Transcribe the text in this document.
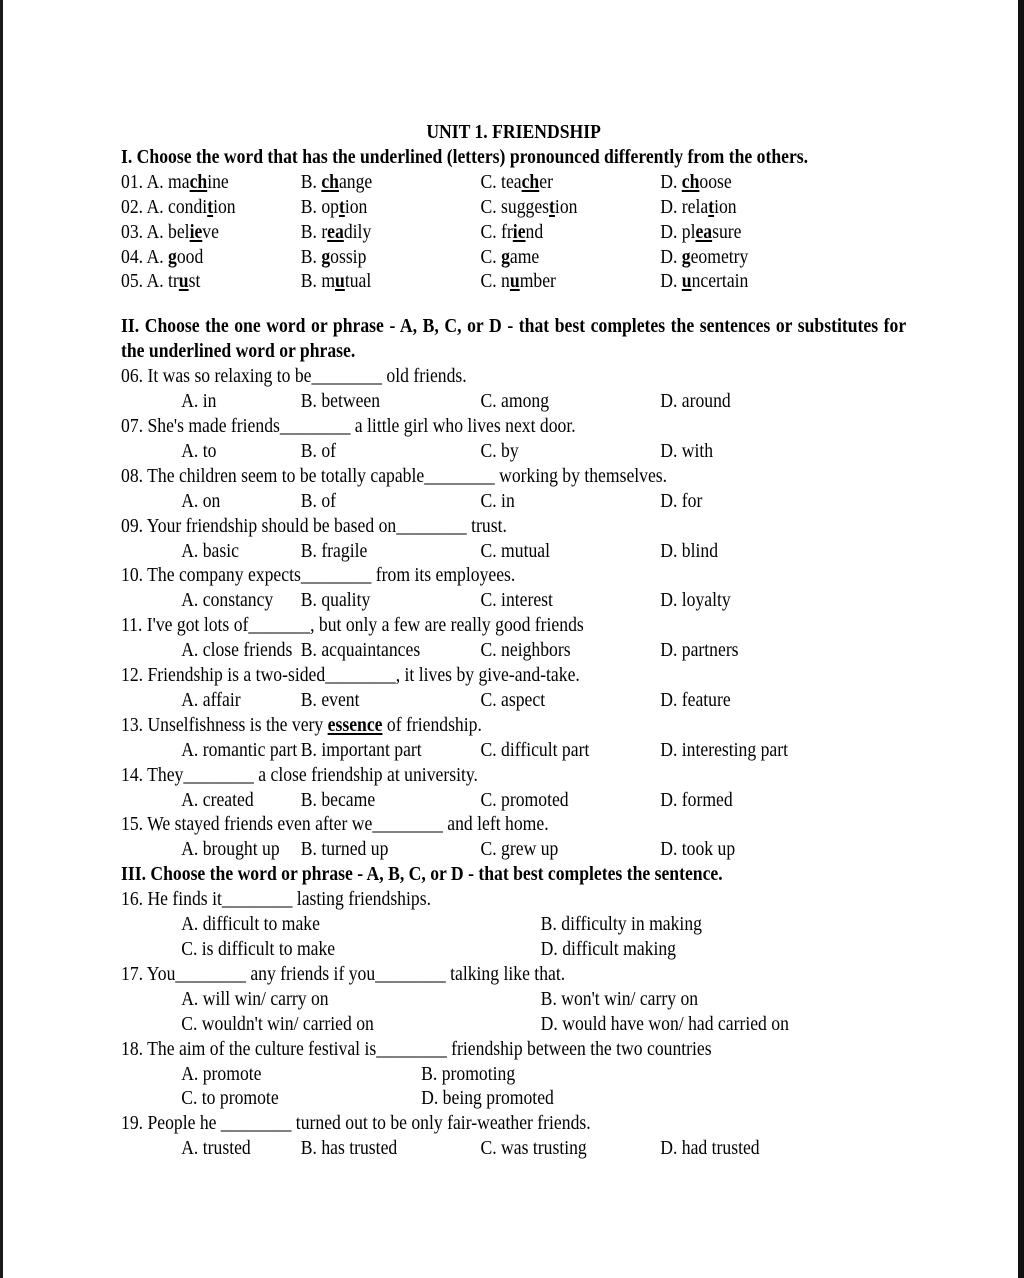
UNIT 1. FRIENDSHIP
I. Choose the word that has the underlined (letters) pronounced differently from the others.
01. A. machine	B. change	C. teacher	D. choose
02. A. condition	B. option	C. suggestion	D. relation
03. A. believe	B. readily	C. friend	D. pleasure
04. A. good	B. gossip	C. game	D. geometry
05. A. trust	B. mutual	C. number	D. uncertain
II. Choose the one word or phrase - A, B, C, or D - that best completes the sentences or substitutes for the underlined word or phrase.
06. It was so relaxing to be________ old friends.
A. in	B. between	C. among	D. around
07. She's made friends________ a little girl who lives next door.
A. to	B. of	C. by	D. with
08. The children seem to be totally capable________ working by themselves.
A. on	B. of	C. in	D. for
09. Your friendship should be based on________ trust.
A. basic	B. fragile	C. mutual	D. blind
10. The company expects________ from its employees.
A. constancy	B. quality	C. interest	D. loyalty
11. I've got lots of_______, but only a few are really good friends
A. close friends B. acquaintances	C. neighbors	D. partners
12. Friendship is a two-sided________, it lives by give-and-take.
A. affair	B. event	C. aspect	D. feature
13. Unselfishness is the very essence of friendship.
A. romantic part B. important part	C. difficult part	D. interesting part
14. They________ a close friendship at university.
A. created	B. became	C. promoted	D. formed
15. We stayed friends even after we________ and left home.
A. brought up	B. turned up	C. grew up	D. took up
III. Choose the word or phrase - A, B, C, or D - that best completes the sentence.
16. He finds it________ lasting friendships.
A. difficult to make	B. difficulty in making
C. is difficult to make	D. difficult making
17. You________ any friends if you________ talking like that.
A. will win/ carry on	B. won't win/ carry on
C. wouldn't win/ carried on	D. would have won/ had carried on
18. The aim of the culture festival is________ friendship between the two countries
A. promote	B. promoting
C. to promote	D. being promoted
19. People he ________ turned out to be only fair-weather friends.
A. trusted	B. has trusted	C. was trusting	D. had trusted
